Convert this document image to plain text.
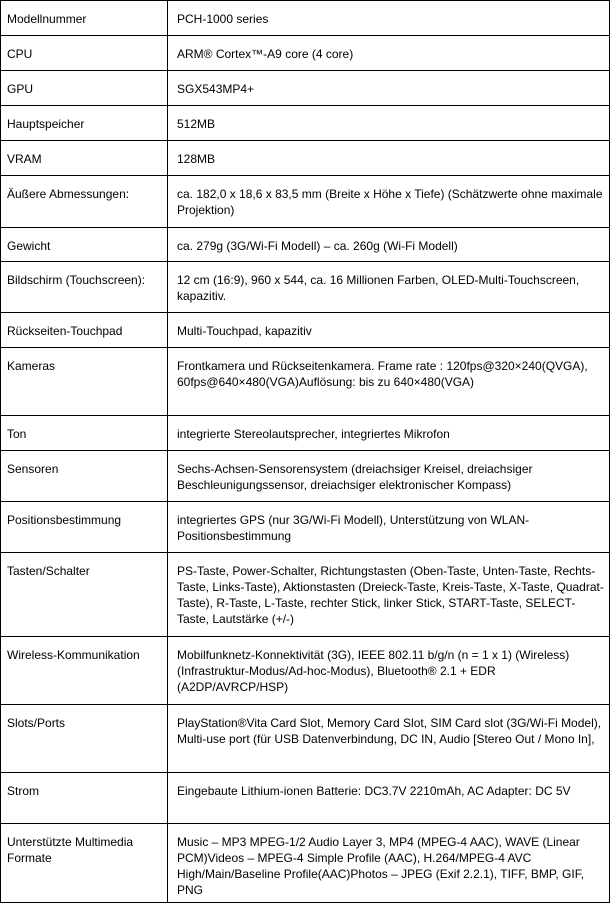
Modellnummer	PCH-1000 series
CPU	ARM® Cortex™-A9 core (4 core)
GPU	SGX543MP4+
Hauptspeicher	512MB
VRAM	128MB
Äußere Abmessungen:	ca. 182,0 x 18,6 x 83,5 mm (Breite x Höhe x Tiefe) (Schätzwerte ohne maximale Projektion)
Gewicht	ca. 279g (3G/Wi-Fi Modell) – ca. 260g (Wi-Fi Modell)
Bildschirm (Touchscreen):	12 cm (16:9), 960 x 544, ca. 16 Millionen Farben, OLED-Multi-Touchscreen, kapazitiv.
Rückseiten-Touchpad	Multi-Touchpad, kapazitiv
Kameras	Frontkamera und Rückseitenkamera. Frame rate : 120fps@320×240(QVGA), 60fps@640×480(VGA)Auflösung: bis zu 640×480(VGA)
Ton	integrierte Stereolautsprecher, integriertes Mikrofon
Sensoren	Sechs-Achsen-Sensorensystem (dreiachsiger Kreisel, dreiachsiger Beschleunigungssensor, dreiachsiger elektronischer Kompass)
Positionsbestimmung	integriertes GPS (nur 3G/Wi-Fi Modell), Unterstützung von WLAN-Positionsbestimmung
Tasten/Schalter	PS-Taste, Power-Schalter, Richtungstasten (Oben-Taste, Unten-Taste, Rechts-Taste, Links-Taste), Aktionstasten (Dreieck-Taste, Kreis-Taste, X-Taste, Quadrat-Taste), R-Taste, L-Taste, rechter Stick, linker Stick, START-Taste, SELECT-Taste, Lautstärke (+/-)
Wireless-Kommunikation	Mobilfunknetz-Konnektivität (3G), IEEE 802.11 b/g/n (n = 1 x 1) (Wireless) (Infrastruktur-Modus/Ad-hoc-Modus), Bluetooth® 2.1 + EDR (A2DP/AVRCP/HSP)
Slots/Ports	PlayStation®Vita Card Slot, Memory Card Slot, SIM Card slot (3G/Wi-Fi Model), Multi-use port (für USB Datenverbindung, DC IN, Audio [Stereo Out / Mono In],
Strom	Eingebaute Lithium-ionen Batterie: DC3.7V 2210mAh, AC Adapter: DC 5V
Unterstützte Multimedia Formate	Music – MP3 MPEG-1/2 Audio Layer 3, MP4 (MPEG-4 AAC), WAVE (Linear PCM)Videos – MPEG-4 Simple Profile (AAC), H.264/MPEG-4 AVC High/Main/Baseline Profile(AAC)Photos – JPEG (Exif 2.2.1), TIFF, BMP, GIF, PNG
